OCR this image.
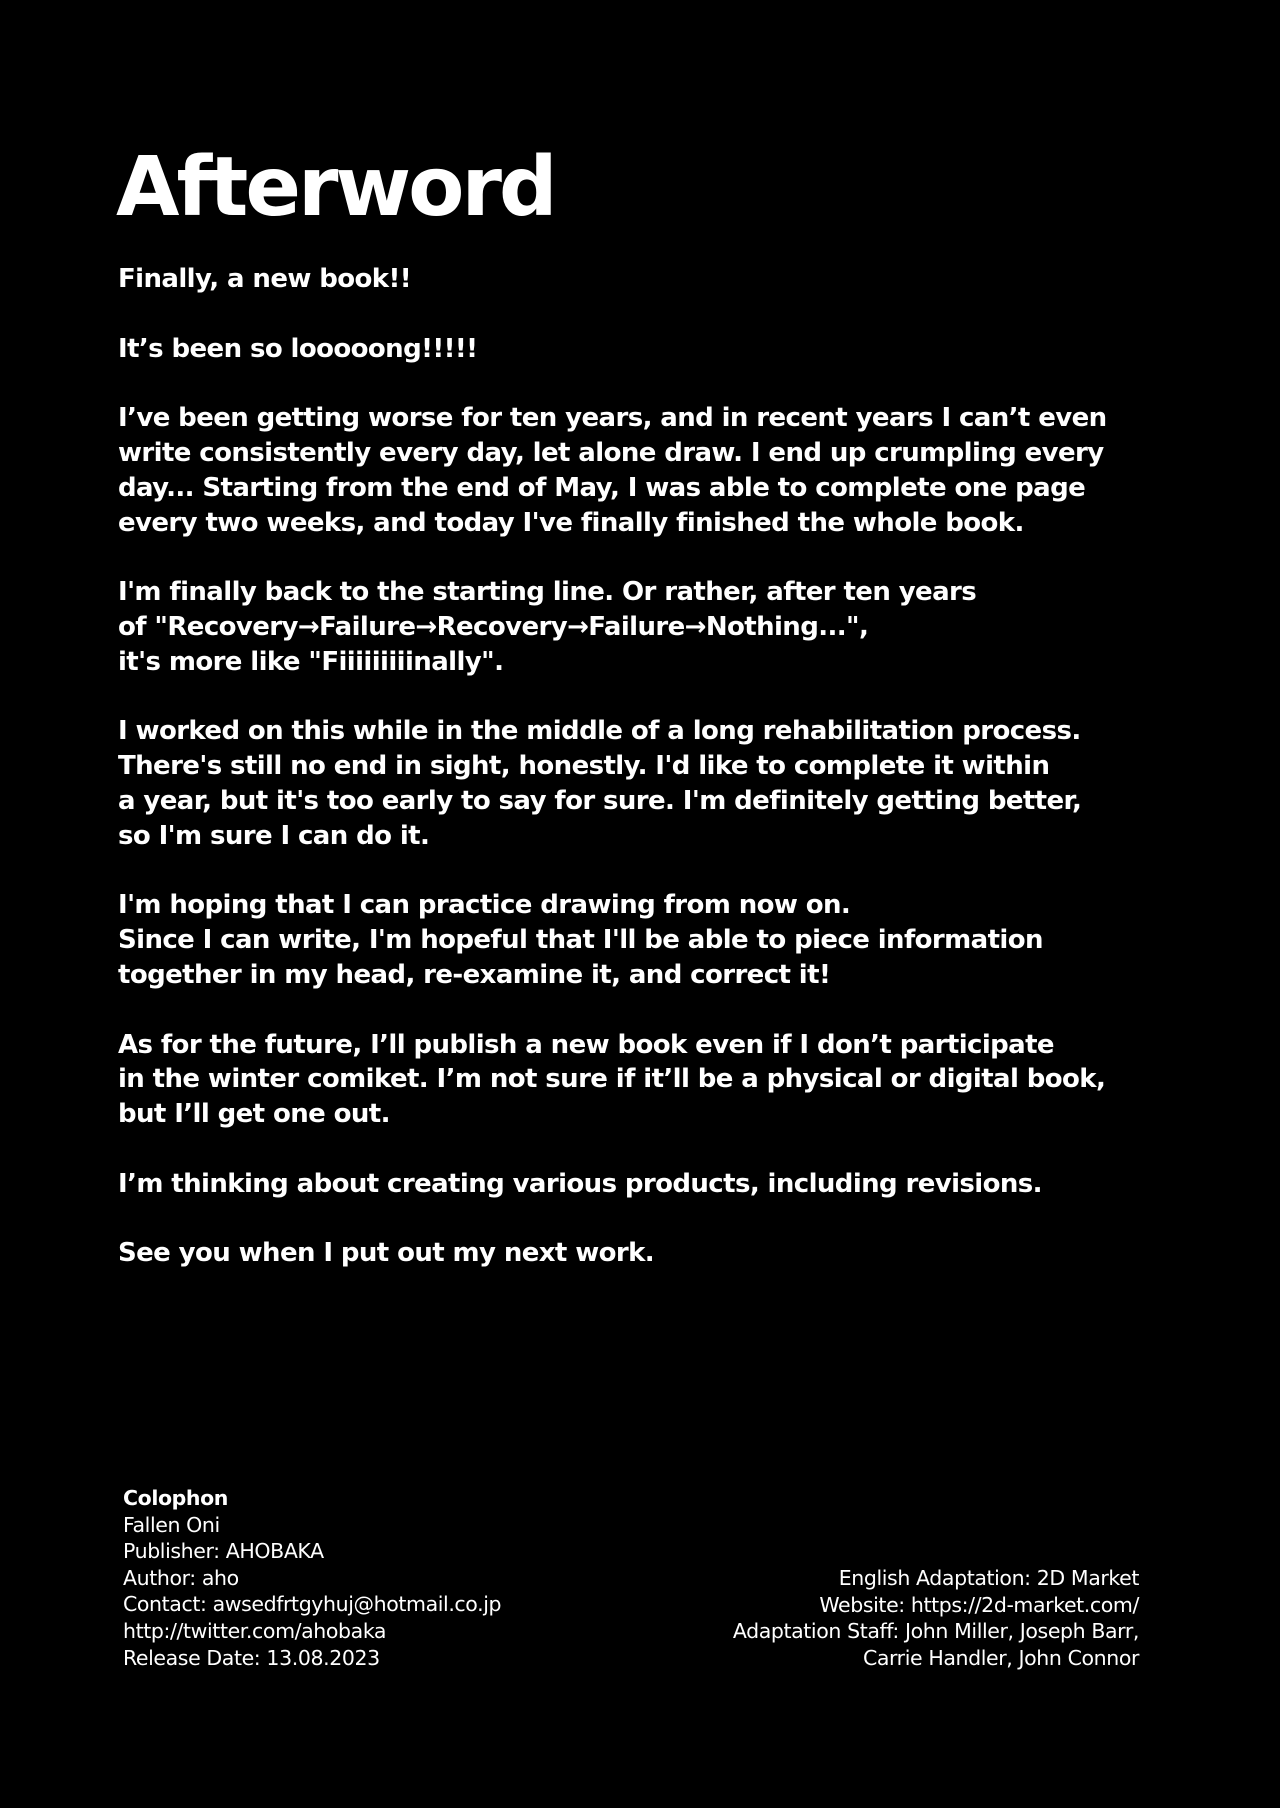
Afterword

Finally, a new book!!

It’s been so looooong!!!!!

I’ve been getting worse for ten years, and in recent years I can’t even
write consistently every day, let alone draw. I end up crumpling every
day... Starting from the end of May, I was able to complete one page
every two weeks, and today I've finally finished the whole book.

I'm finally back to the starting line. Or rather, after ten years
of "Recovery→Failure→Recovery→Failure→Nothing...",
it's more like "Fiiiiiiiiinally".

I worked on this while in the middle of a long rehabilitation process.
There's still no end in sight, honestly. I'd like to complete it within
a year, but it's too early to say for sure. I'm definitely getting better,
so I'm sure I can do it.

I'm hoping that I can practice drawing from now on.
Since I can write, I'm hopeful that I'll be able to piece information
together in my head, re-examine it, and correct it!

As for the future, I’ll publish a new book even if I don’t participate
in the winter comiket. I’m not sure if it’ll be a physical or digital book,
but I’ll get one out.

I’m thinking about creating various products, including revisions.

See you when I put out my next work.

Colophon
Fallen Oni
Publisher: AHOBAKA
Author: aho
Contact: awsedfrtgyhuj@hotmail.co.jp
http://twitter.com/ahobaka
Release Date: 13.08.2023
English Adaptation: 2D Market
Website: https://2d-market.com/
Adaptation Staff: John Miller, Joseph Barr,
Carrie Handler, John Connor
